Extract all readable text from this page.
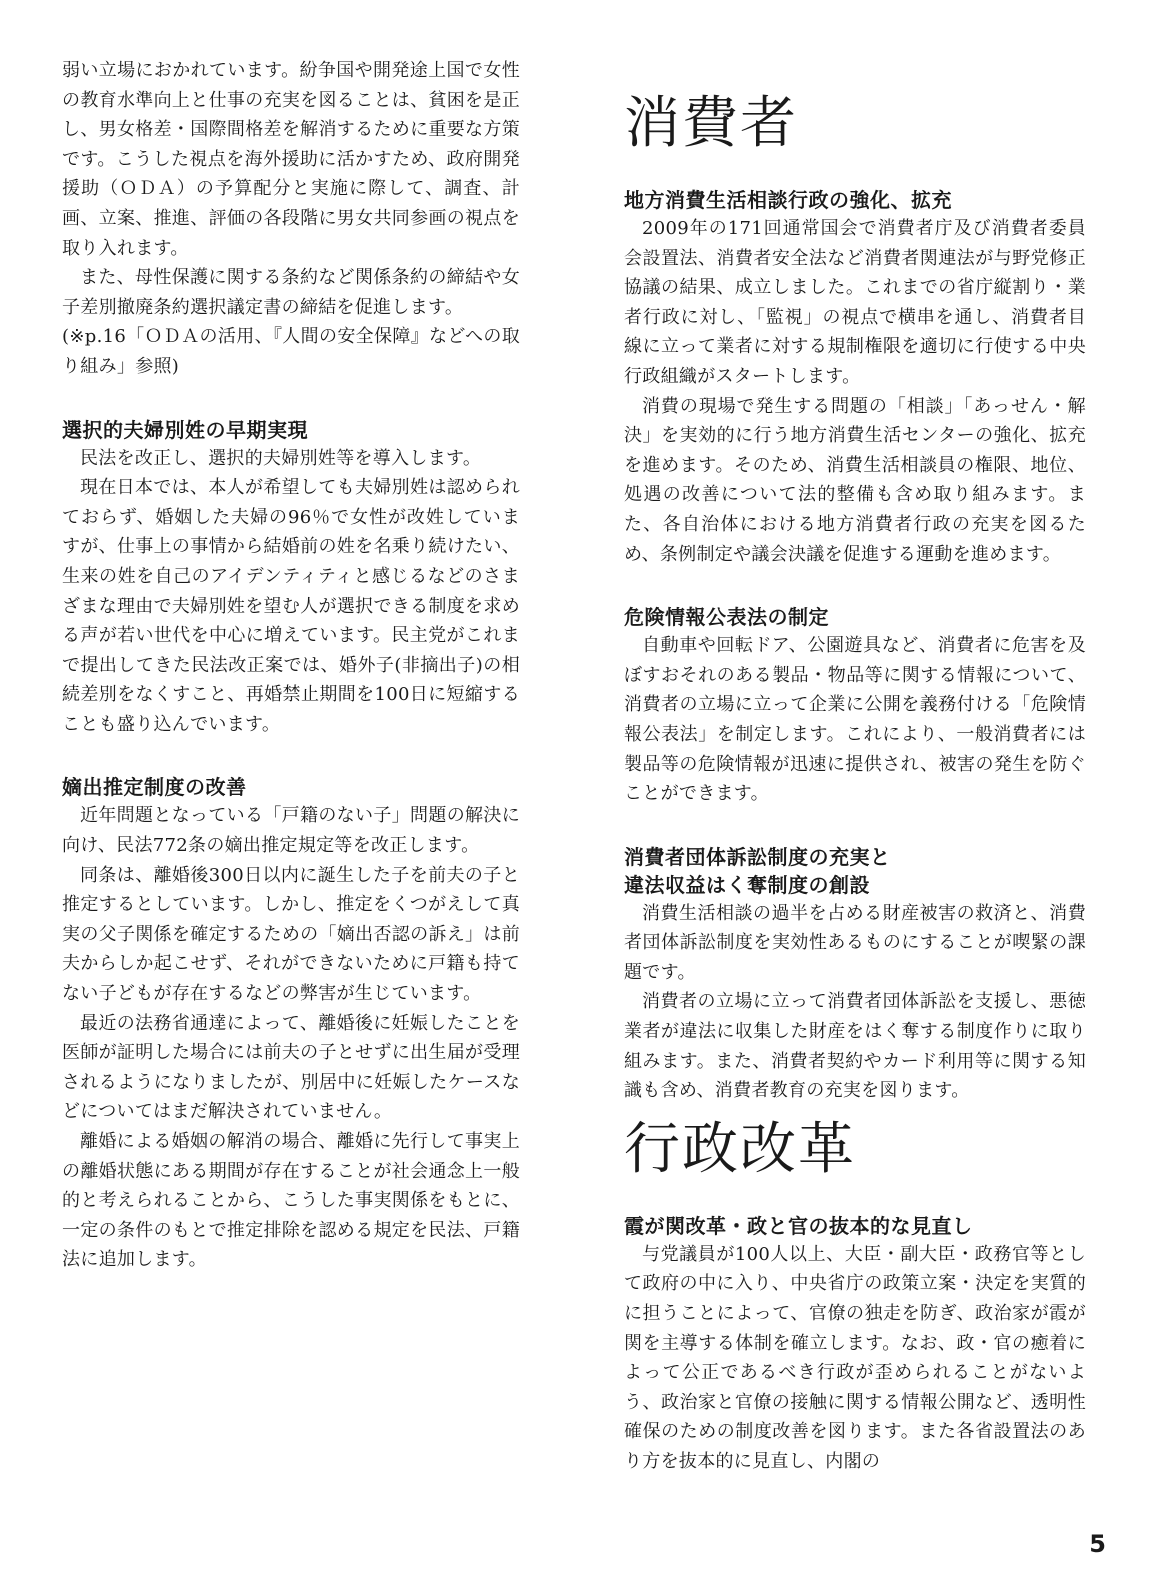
弱い立場におかれています。紛争国や開発途上国で女性の教育水準向上と仕事の充実を図ることは、貧困を是正し、男女格差・国際間格差を解消するために重要な方策です。こうした視点を海外援助に活かすため、政府開発援助（ＯＤＡ）の予算配分と実施に際して、調査、計画、立案、推進、評価の各段階に男女共同参画の視点を取り入れます。

また、母性保護に関する条約など関係条約の締結や女子差別撤廃条約選択議定書の締結を促進します。

(※p.16「ＯＤＡの活用、『人間の安全保障』などへの取り組み」参照)

選択的夫婦別姓の早期実現

民法を改正し、選択的夫婦別姓等を導入します。

現在日本では、本人が希望しても夫婦別姓は認められておらず、婚姻した夫婦の96％で女性が改姓していますが、仕事上の事情から結婚前の姓を名乗り続けたい、生来の姓を自己のアイデンティティと感じるなどのさまざまな理由で夫婦別姓を望む人が選択できる制度を求める声が若い世代を中心に増えています。民主党がこれまで提出してきた民法改正案では、婚外子(非摘出子)の相続差別をなくすこと、再婚禁止期間を100日に短縮することも盛り込んでいます。

嫡出推定制度の改善

近年問題となっている「戸籍のない子」問題の解決に向け、民法772条の嫡出推定規定等を改正します。

同条は、離婚後300日以内に誕生した子を前夫の子と推定するとしています。しかし、推定をくつがえして真実の父子関係を確定するための「嫡出否認の訴え」は前夫からしか起こせず、それができないために戸籍も持てない子どもが存在するなどの弊害が生じています。

最近の法務省通達によって、離婚後に妊娠したことを医師が証明した場合には前夫の子とせずに出生届が受理されるようになりましたが、別居中に妊娠したケースなどについてはまだ解決されていません。

離婚による婚姻の解消の場合、離婚に先行して事実上の離婚状態にある期間が存在することが社会通念上一般的と考えられることから、こうした事実関係をもとに、一定の条件のもとで推定排除を認める規定を民法、戸籍法に追加します。

消費者
地方消費生活相談行政の強化、拡充

2009年の171回通常国会で消費者庁及び消費者委員会設置法、消費者安全法など消費者関連法が与野党修正協議の結果、成立しました。これまでの省庁縦割り・業者行政に対し、「監視」の視点で横串を通し、消費者目線に立って業者に対する規制権限を適切に行使する中央行政組織がスタートします。

消費の現場で発生する問題の「相談」「あっせん・解決」を実効的に行う地方消費生活センターの強化、拡充を進めます。そのため、消費生活相談員の権限、地位、処遇の改善について法的整備も含め取り組みます。また、各自治体における地方消費者行政の充実を図るため、条例制定や議会決議を促進する運動を進めます。

危険情報公表法の制定

自動車や回転ドア、公園遊具など、消費者に危害を及ぼすおそれのある製品・物品等に関する情報について、消費者の立場に立って企業に公開を義務付ける「危険情報公表法」を制定します。これにより、一般消費者には製品等の危険情報が迅速に提供され、被害の発生を防ぐことができます。

消費者団体訴訟制度の充実と
違法収益はく奪制度の創設

消費生活相談の過半を占める財産被害の救済と、消費者団体訴訟制度を実効性あるものにすることが喫緊の課題です。

消費者の立場に立って消費者団体訴訟を支援し、悪徳業者が違法に収集した財産をはく奪する制度作りに取り組みます。また、消費者契約やカード利用等に関する知識も含め、消費者教育の充実を図ります。

行政改革
霞が関改革・政と官の抜本的な見直し

与党議員が100人以上、大臣・副大臣・政務官等として政府の中に入り、中央省庁の政策立案・決定を実質的に担うことによって、官僚の独走を防ぎ、政治家が霞が関を主導する体制を確立します。なお、政・官の癒着によって公正であるべき行政が歪められることがないよう、政治家と官僚の接触に関する情報公開など、透明性確保のための制度改善を図ります。また各省設置法のあり方を抜本的に見直し、内閣の

5
